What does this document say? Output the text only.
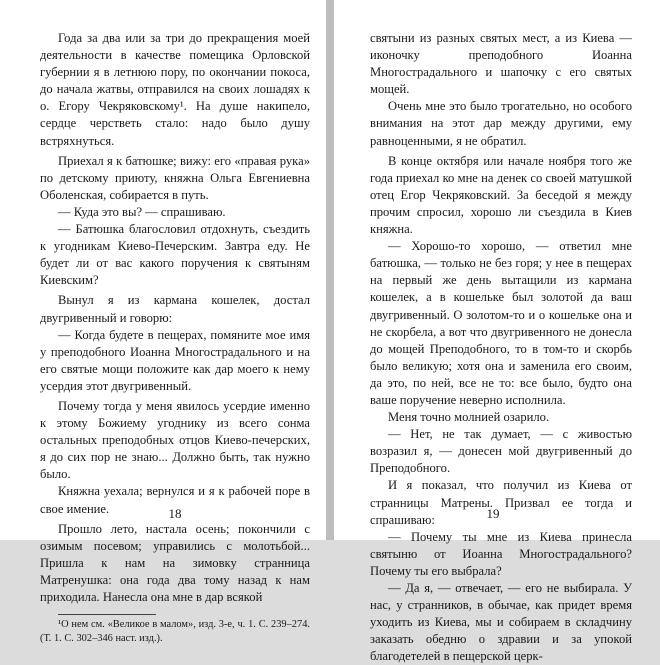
Года за два или за три до прекращения моей деятельности в качестве помещика Орловской губернии я в летнюю пору, по окончании покоса, до начала жатвы, отправился на своих лошадях к о. Егору Чекряковскому¹. На душе накипело, сердце черстветь стало: надо было душу встряхнуться.

Приехал я к батюшке; вижу: его «правая рука» по детскому приюту, княжна Ольга Евгениевна Оболенская, собирается в путь.

— Куда это вы? — спрашиваю.

— Батюшка благословил отдохнуть, съездить к угодникам Киево-Печерским. Завтра еду. Не будет ли от вас какого поручения к святыням Киевским?

Вынул я из кармана кошелек, достал двугривенный и говорю:

— Когда будете в пещерах, помяните мое имя у преподобного Иоанна Многострадального и на его святые мощи положите как дар моего к нему усердия этот двугривенный.

Почему тогда у меня явилось усердие именно к этому Божиему угоднику из всего сонма остальных преподобных отцов Киево-печерских, я до сих пор не знаю... Должно быть, так нужно было.

Княжна уехала; вернулся и я к рабочей поре в свое имение.

Прошло лето, настала осень; покончили с озимым посевом; управились с молотьбой... Пришла к нам на зимовку странница Матренушка: она года два тому назад к нам приходила. Нанесла она мне в дар всякой

¹О нем см. «Великое в малом», изд. 3-е, ч. 1. С. 239–274. (Т. 1. С. 302–346 наст. изд.).

18

святыни из разных святых мест, а из Киева — иконочку преподобного Иоанна Многострадального и шапочку с его святых мощей.

Очень мне это было трогательно, но особого внимания на этот дар между другими, ему равноценными, я не обратил.

В конце октября или начале ноября того же года приехал ко мне на денек со своей матушкой отец Егор Чекряковский. За беседой я между прочим спросил, хорошо ли съездила в Киев княжна.

— Хорошо-то хорошо, — ответил мне батюшка, — только не без горя; у нее в пещерах на первый же день вытащили из кармана кошелек, а в кошельке был золотой да ваш двугривенный. О золотом-то и о кошельке она и не скорбела, а вот что двугривенного не донесла до мощей Преподобного, то в том-то и скорбь было великую; хотя она и заменила его своим, да это, по ней, все не то: все было, будто она ваше поручение неверно исполнила.

Меня точно молнией озарило.

— Нет, не так думает, — с живостью возразил я, — донесен мой двугривенный до Преподобного.

И я показал, что получил из Киева от странницы Матрены. Призвал ее тогда и спрашиваю:

— Почему ты мне из Киева принесла святыню от Иоанна Многострадального? Почему ты его выбрала?

— Да я, — отвечает, — его не выбирала. У нас, у странников, в обычае, как придет время уходить из Киева, мы и собираем в складчину заказать обедню о здравии и за упокой благодетелей в пещерской церк-

19
